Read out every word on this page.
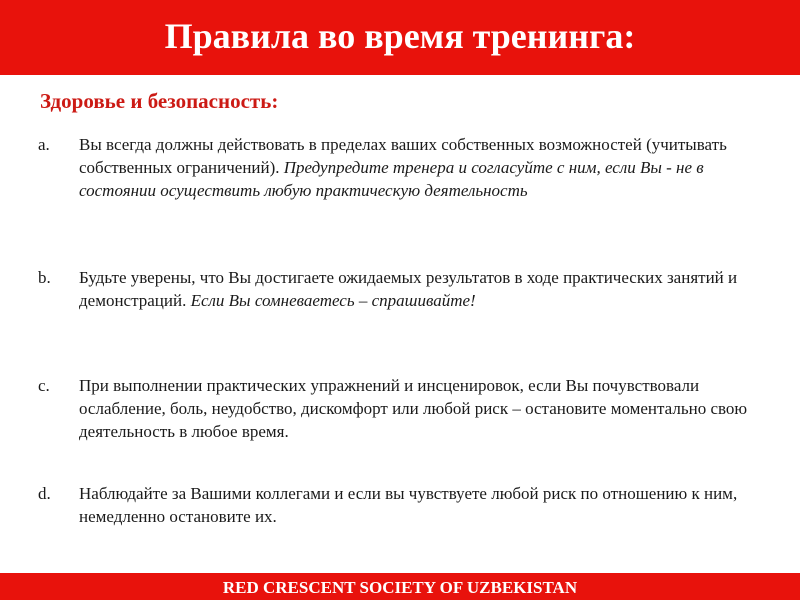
Правила во время тренинга:
Здоровье и безопасность:
a. Вы всегда должны действовать в пределах ваших собственных возможностей (учитывать собственных ограничений). Предупредите тренера и согласуйте с ним, если Вы - не в состоянии осуществить любую практическую деятельность
b. Будьте уверены, что Вы достигаете ожидаемых результатов в ходе практических занятий и демонстраций. Если Вы сомневаетесь – спрашивайте!
c. При выполнении практических упражнений и инсценировок, если Вы почувствовали ослабление, боль, неудобство, дискомфорт или любой риск – остановите моментально свою деятельность в любое время.
d. Наблюдайте за Вашими коллегами и если вы чувствуете любой риск по отношению к ним, немедленно остановите их.
RED CRESCENT SOCIETY OF UZBEKISTAN
